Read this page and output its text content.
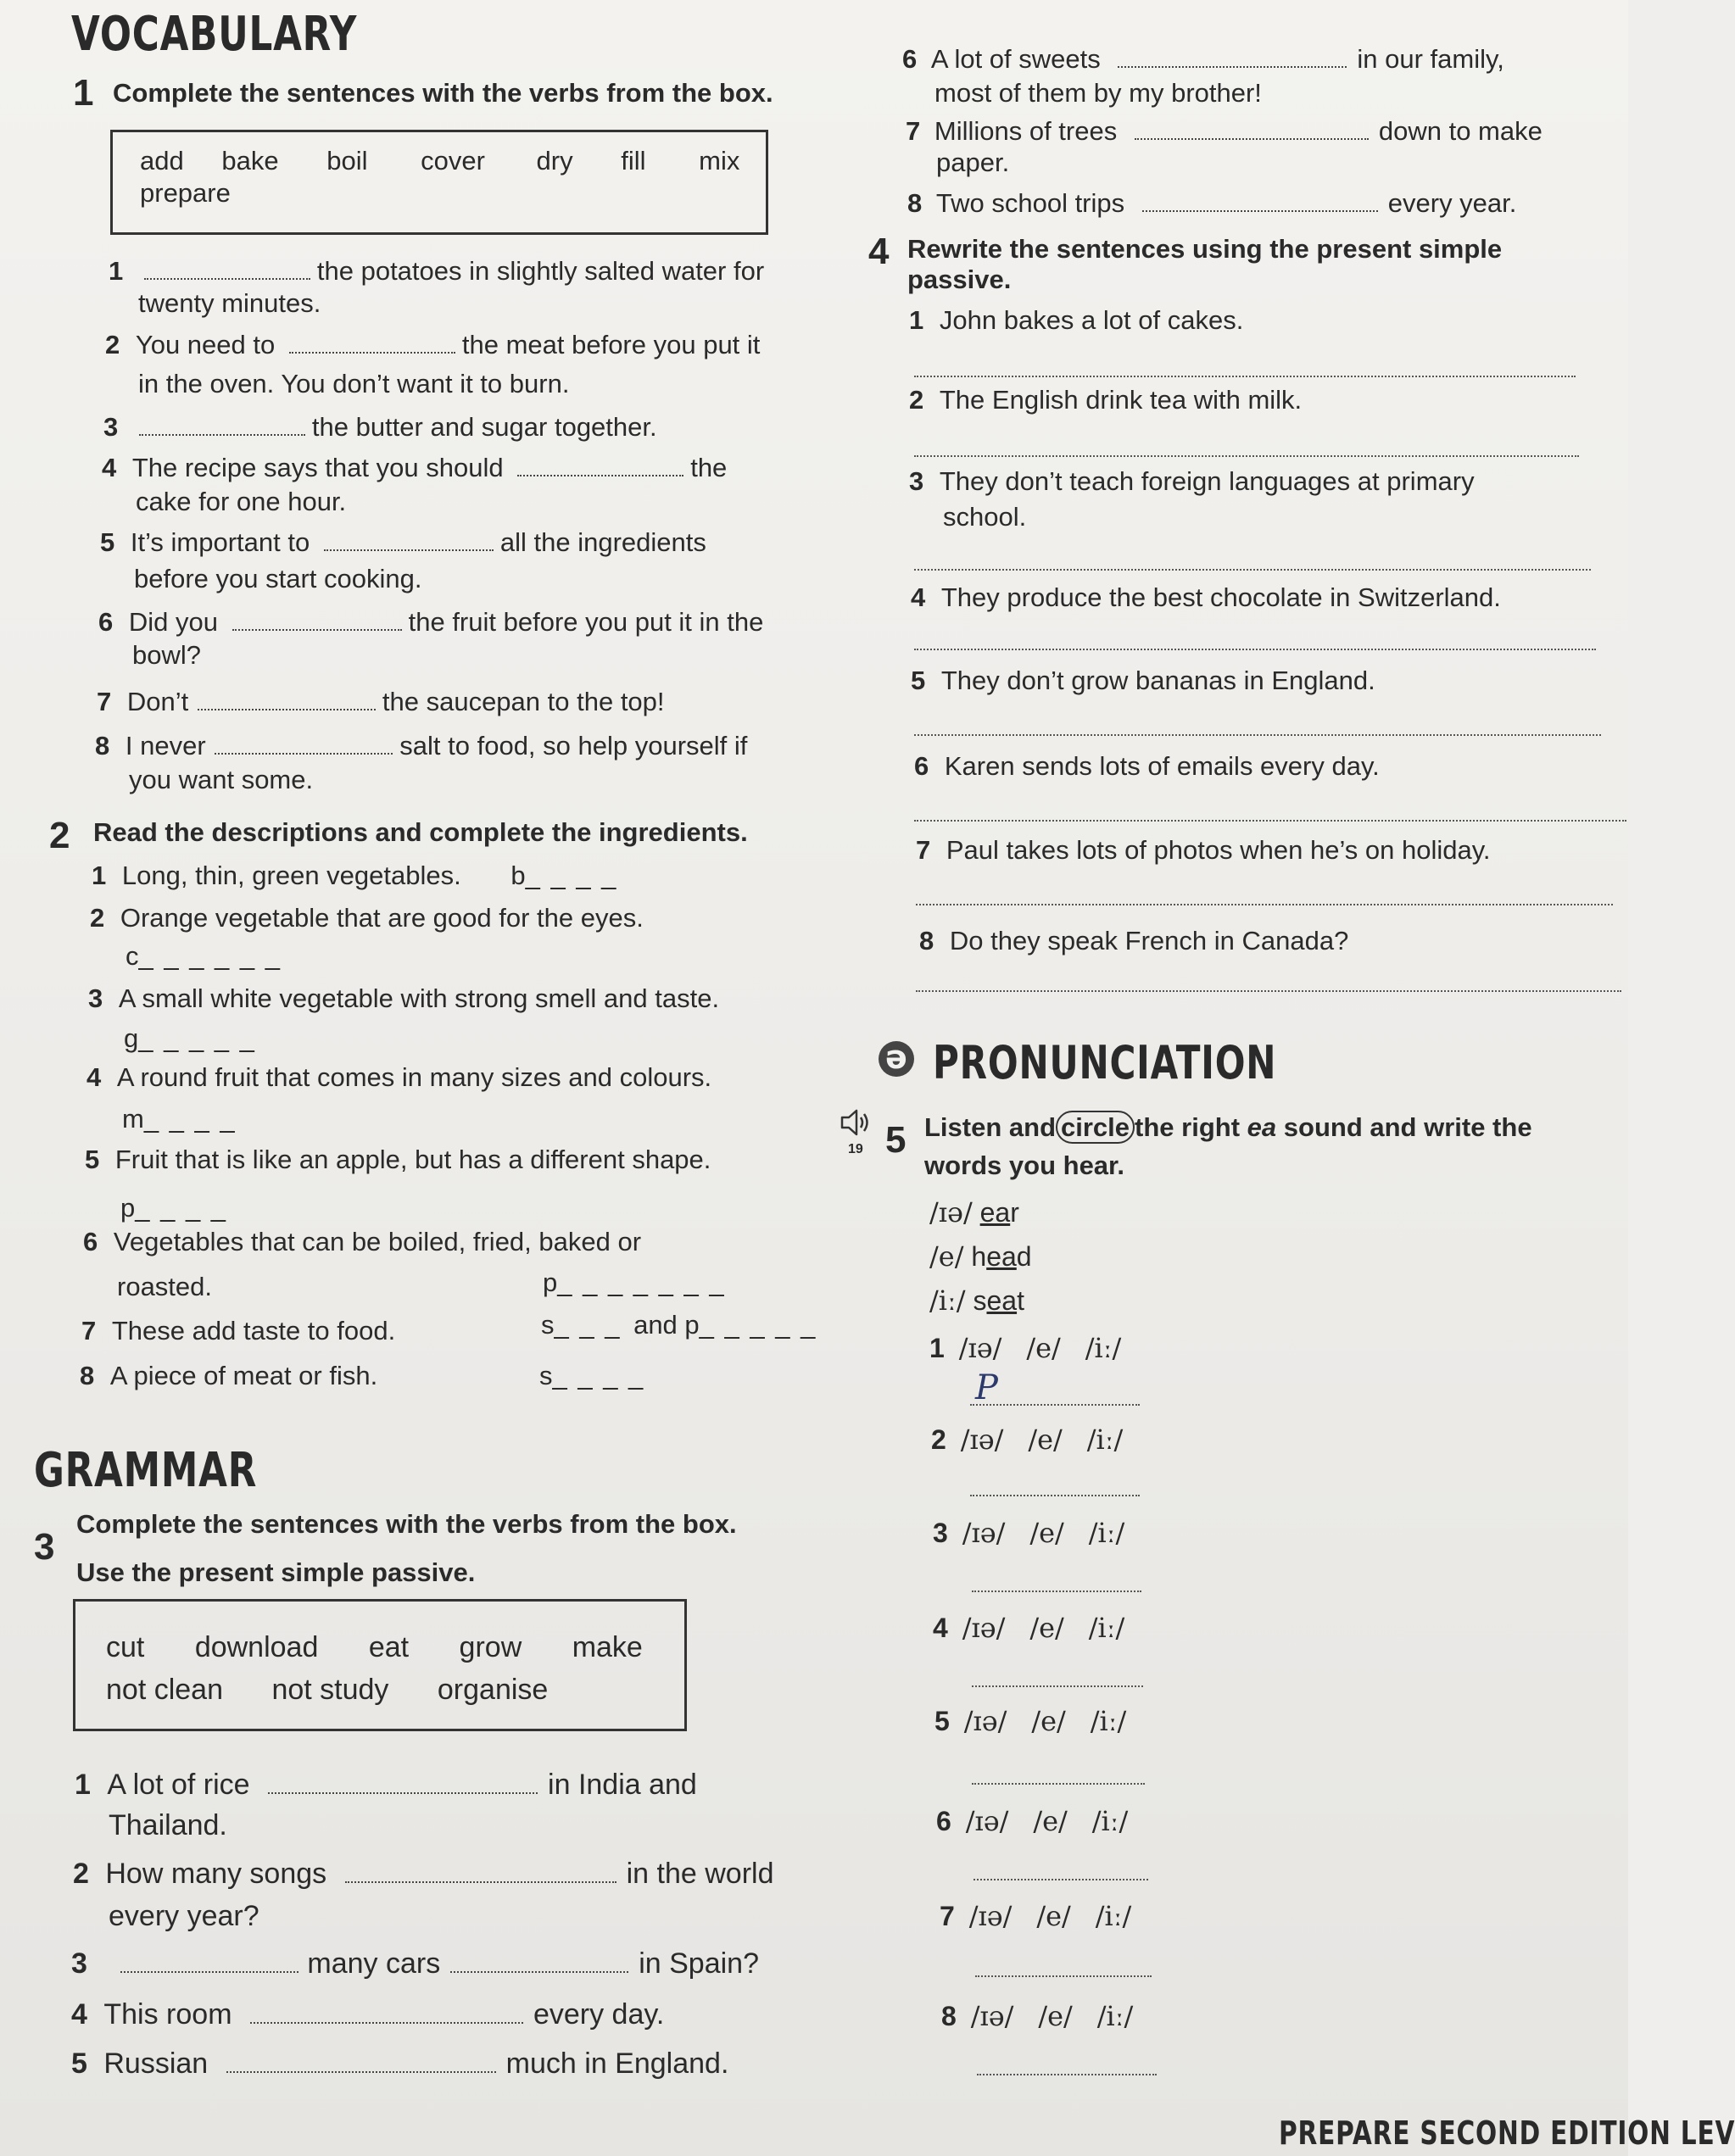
VOCABULARY
1 Complete the sentences with the verbs from the box.
add bake boil cover dry fill mix
prepare
1	the potatoes in slightly salted water for
twenty minutes.
2 You need to	the meat before you put it
in the oven. You don’t want it to burn.
3	the butter and sugar together.
4 The recipe says that you should	the
cake for one hour.
5 It’s important to	all the ingredients
before you start cooking.
6 Did you	the fruit before you put it in the
bowl?
7 Don’t	the saucepan to the top!
8 I never	salt to food, so help yourself if
you want some.
2 Read the descriptions and complete the ingredients.
1 Long, thin, green vegetables. b_ _ _ _
2 Orange vegetable that are good for the eyes.
c_ _ _ _ _ _
3 A small white vegetable with strong smell and taste.
g_ _ _ _ _
4 A round fruit that comes in many sizes and colours.
m_ _ _ _
5 Fruit that is like an apple, but has a different shape.
p_ _ _ _
6 Vegetables that can be boiled, fried, baked or
roasted.	p_ _ _ _ _ _ _
7 These add taste to food.	s_ _ _ and p_ _ _ _ _
8 A piece of meat or fish.	s_ _ _ _
GRAMMAR
3
Complete the sentences with the verbs from the box.
Use the present simple passive.
cut download eat grow make
not clean not study organise
1 A lot of rice	in India and
Thailand.
2 How many songs	in the world
every year?
3	many cars	in Spain?
4 This room	every day.
5 Russian	much in England.
6 A lot of sweets	in our family,
most of them by my brother!
7 Millions of trees	down to make
paper.
8 Two school trips	every year.
4 Rewrite the sentences using the present simple
passive.
1 John bakes a lot of cakes.
2 The English drink tea with milk.
3 They don’t teach foreign languages at primary
school.
4 They produce the best chocolate in Switzerland.
5 They don’t grow bananas in England.
6 Karen sends lots of emails every day.
7 Paul takes lots of photos when he’s on holiday.
8 Do they speak French in Canada?
ə PRONUNCIATION
19 5 Listen and circle the right ea sound and write the
words you hear.
/ɪə/ ear
/e/ head
/iː/ seat
1 /ɪə/ /e/ /iː/
P
2 /ɪə/ /e/ /iː/
3 /ɪə/ /e/ /iː/
4 /ɪə/ /e/ /iː/
5 /ɪə/ /e/ /iː/
6 /ɪə/ /e/ /iː/
7 /ɪə/ /e/ /iː/
8 /ɪə/ /e/ /iː/
PREPARE SECOND EDITION LEV
